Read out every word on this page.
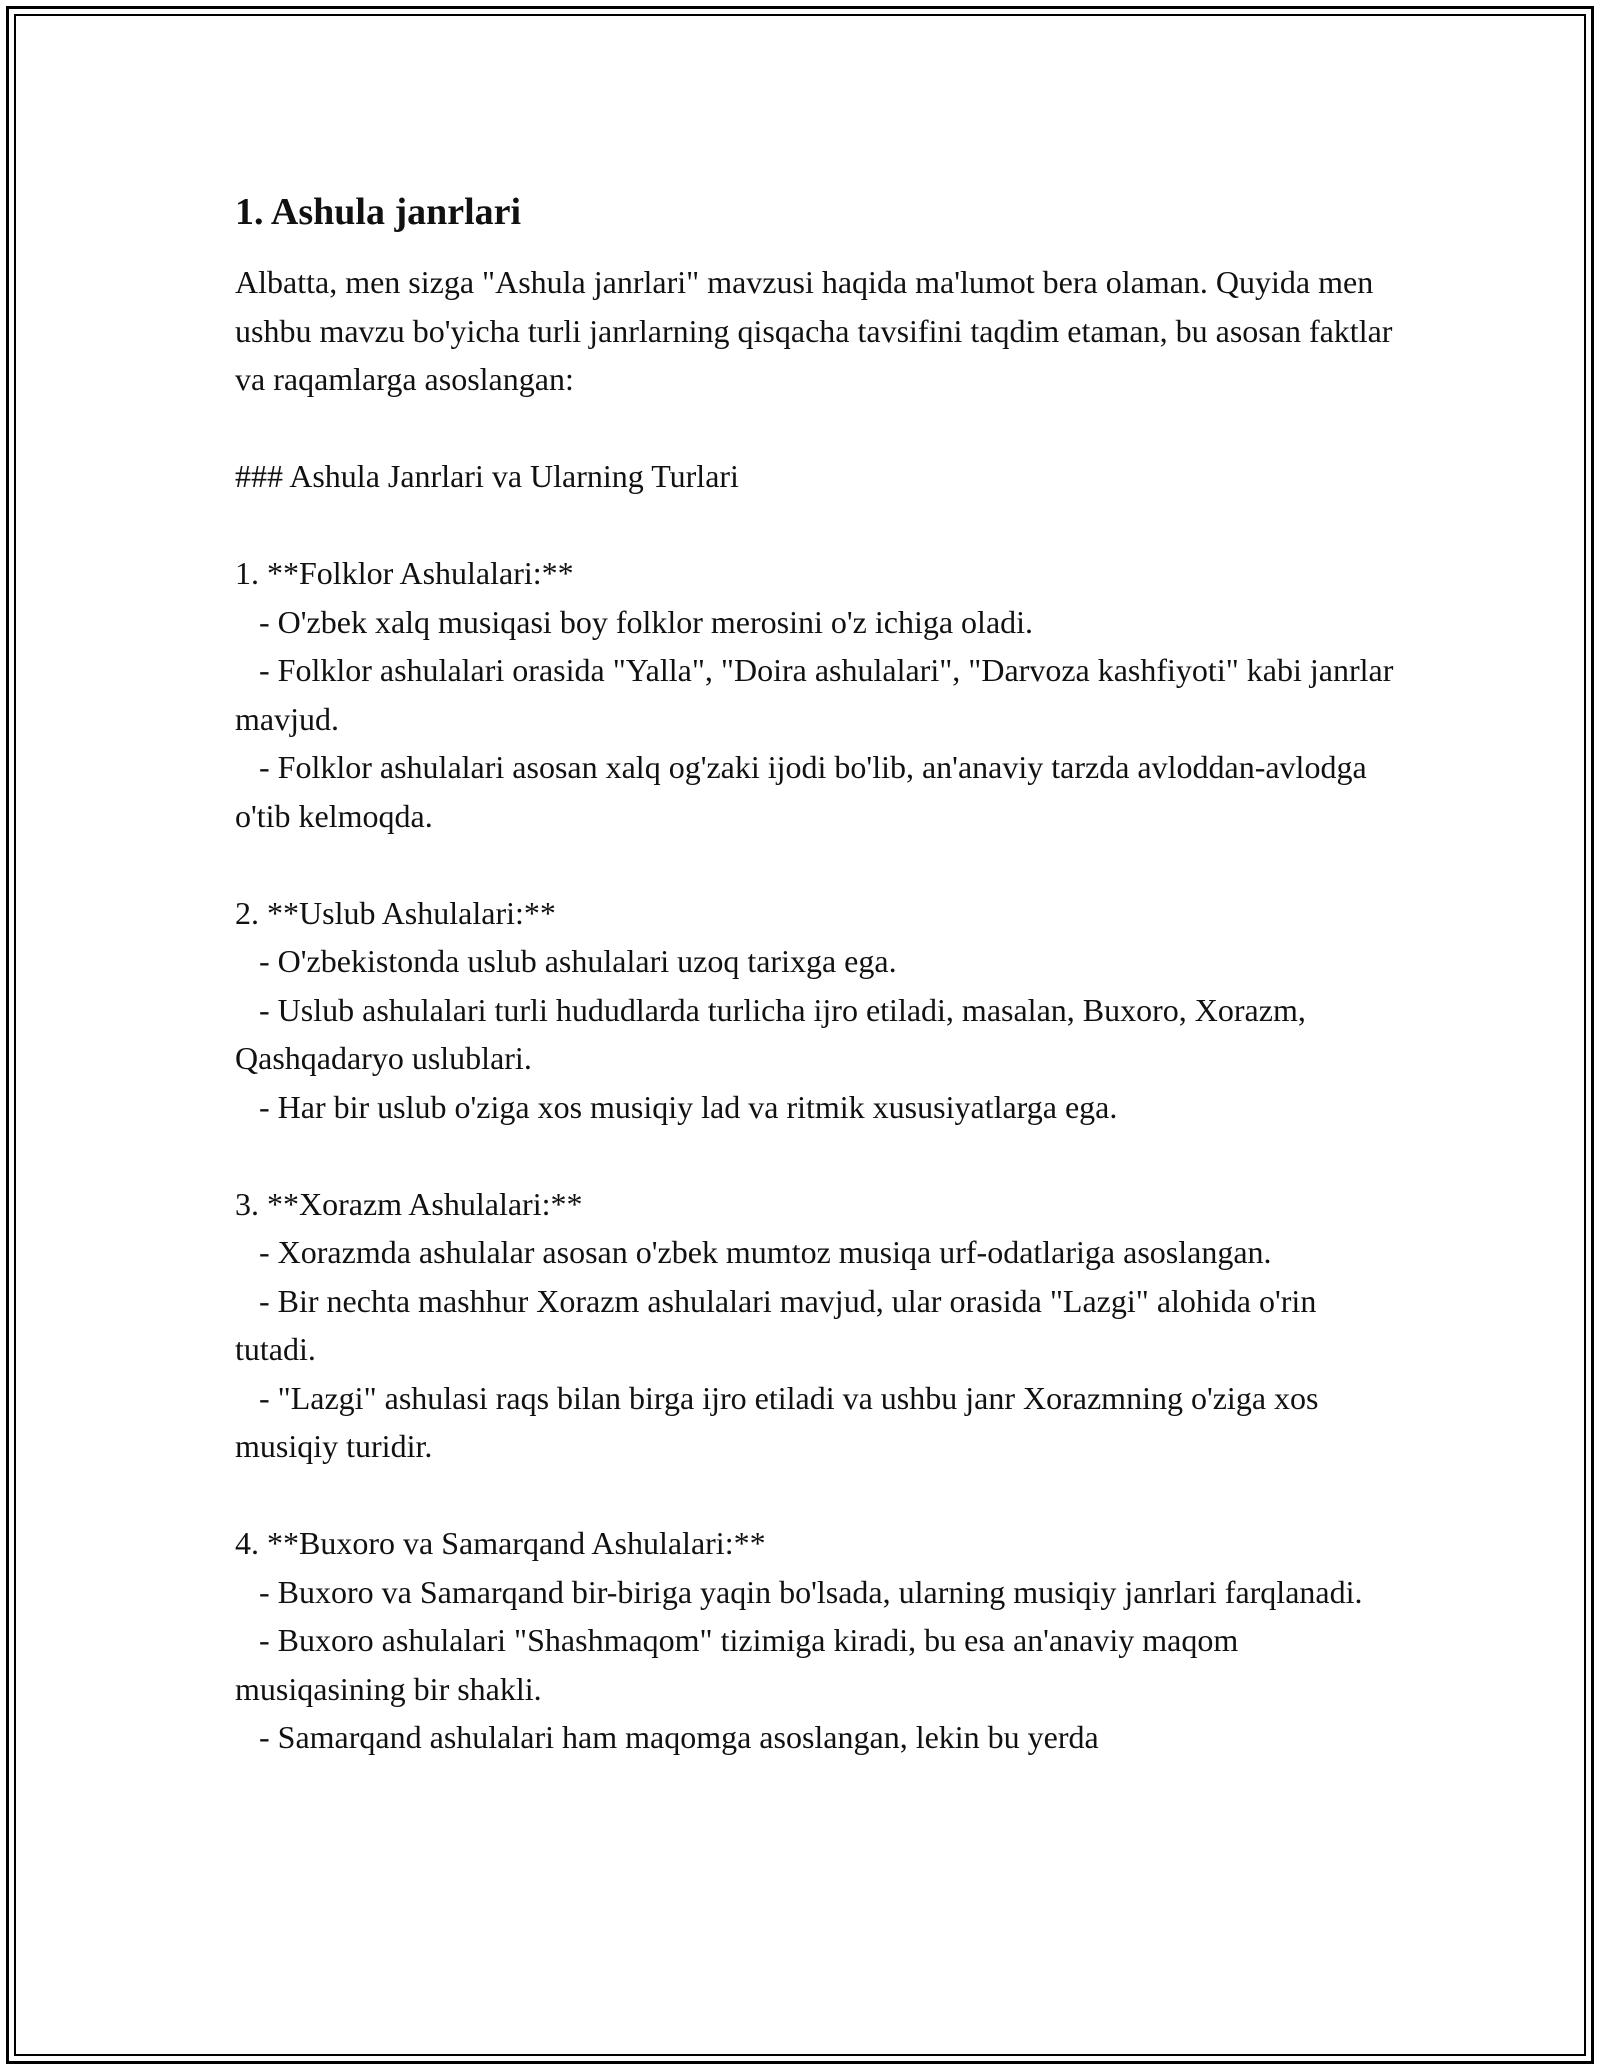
1. Ashula janrlari

Albatta, men sizga "Ashula janrlari" mavzusi haqida ma'lumot bera olaman. Quyida men ushbu mavzu bo'yicha turli janrlarning qisqacha tavsifini taqdim etaman, bu asosan faktlar va raqamlarga asoslangan:

### Ashula Janrlari va Ularning Turlari

1. **Folklor Ashulalari:**

- O'zbek xalq musiqasi boy folklor merosini o'z ichiga oladi.

- Folklor ashulalari orasida "Yalla", "Doira ashulalari", "Darvoza kashfiyoti" kabi janrlar mavjud.

- Folklor ashulalari asosan xalq og'zaki ijodi bo'lib, an'anaviy tarzda avloddan-avlodga o'tib kelmoqda.

2. **Uslub Ashulalari:**

- O'zbekistonda uslub ashulalari uzoq tarixga ega.

- Uslub ashulalari turli hududlarda turlicha ijro etiladi, masalan, Buxoro, Xorazm, Qashqadaryo uslublari.

- Har bir uslub o'ziga xos musiqiy lad va ritmik xususiyatlarga ega.

3. **Xorazm Ashulalari:**

- Xorazmda ashulalar asosan o'zbek mumtoz musiqa urf-odatlariga asoslangan.

- Bir nechta mashhur Xorazm ashulalari mavjud, ular orasida "Lazgi" alohida o'rin tutadi.

- "Lazgi" ashulasi raqs bilan birga ijro etiladi va ushbu janr Xorazmning o'ziga xos musiqiy turidir.

4. **Buxoro va Samarqand Ashulalari:**

- Buxoro va Samarqand bir-biriga yaqin bo'lsada, ularning musiqiy janrlari farqlanadi.

- Buxoro ashulalari "Shashmaqom" tizimiga kiradi, bu esa an'anaviy maqom musiqasining bir shakli.

- Samarqand ashulalari ham maqomga asoslangan, lekin bu yerda
